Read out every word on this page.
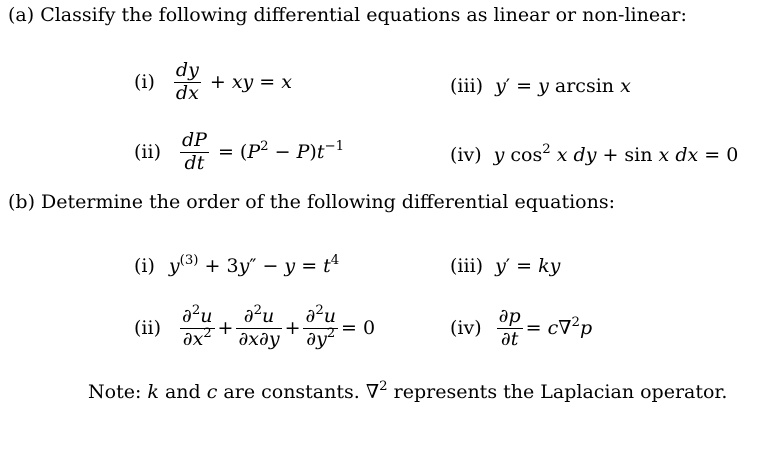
(a) Classify the following differential equations as linear or non-linear:
$(i) \frac{dy}{dx}$ + xy = x	(iii) y′ = y arcsin x
$(ii) \frac{dP}{dt} = (P^2 - P)t^{-1}$	(iv) y $\cos^2 x$ dy + sin x dx = 0
(b) Determine the order of the following differential equations:
(i) $y^{(3)} + 3y'' - y = t^4$	(iii) y′ = ky
$(ii) \frac{\partial^2u}{\partial x^2} + \frac{\partial^2u}{\partial x\partial y} + \frac{\partial^2u}{\partial y^2} = 0$	$(iv) \frac{\partial p}{\partial t} = c\nabla^2p$
Note: k and c are constants. ∇$^2$ represents the Laplacian operator.
